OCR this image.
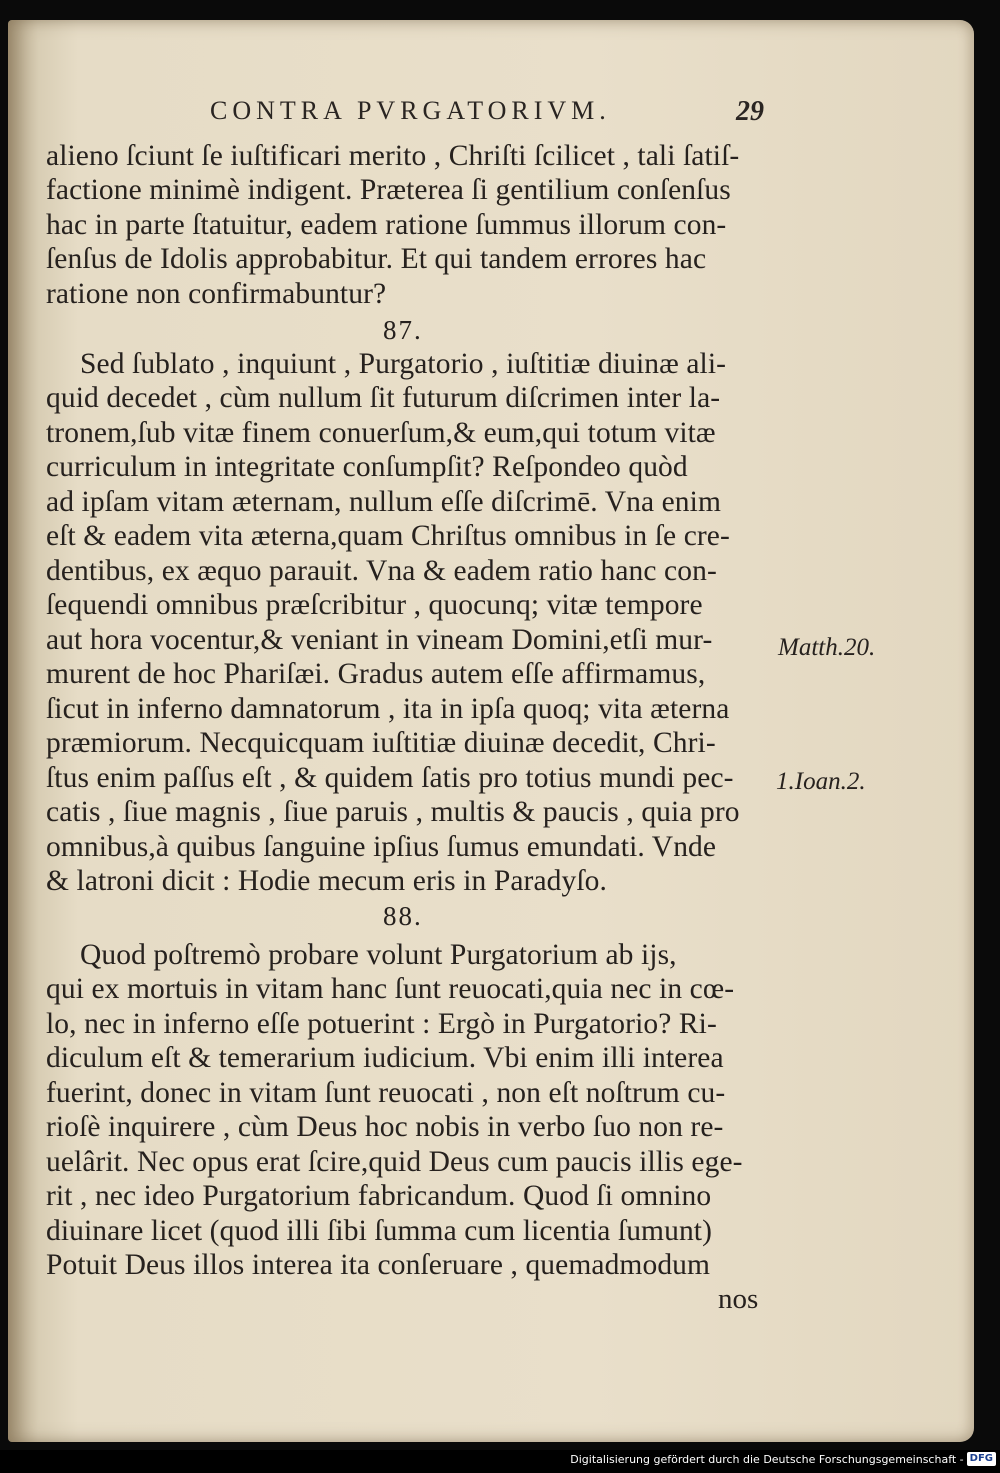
CONTRA PVRGATORIVM.	29
alieno ſciunt ſe iuſtificari merito , Chriſti ſcilicet , tali ſatiſ-
factione minimè indigent. Præterea ſi gentilium conſenſus
hac in parte ſtatuitur, eadem ratione ſummus illorum con-
ſenſus de Idolis approbabitur. Et qui tandem errores hac
ratione non confirmabuntur?
87.
Sed ſublato , inquiunt , Purgatorio , iuſtitiæ diuinæ ali-
quid decedet , cùm nullum ſit futurum diſcrimen inter la-
tronem,ſub vitæ finem conuerſum,& eum,qui totum vitæ
curriculum in integritate conſumpſit? Reſpondeo quòd
ad ipſam vitam æternam, nullum eſſe diſcrimē. Vna enim
eſt & eadem vita æterna,quam Chriſtus omnibus in ſe cre-
dentibus, ex æquo parauit. Vna & eadem ratio hanc con-
ſequendi omnibus præſcribitur , quocunq; vitæ tempore
aut hora vocentur,& veniant in vineam Domini,etſi mur-
murent de hoc Phariſæi. Gradus autem eſſe affirmamus,
ſicut in inferno damnatorum , ita in ipſa quoq; vita æterna
præmiorum. Necquicquam iuſtitiæ diuinæ decedit, Chri-
ſtus enim paſſus eſt , & quidem ſatis pro totius mundi pec-
catis , ſiue magnis , ſiue paruis , multis & paucis , quia pro
omnibus,à quibus ſanguine ipſius ſumus emundati. Vnde
& latroni dicit : Hodie mecum eris in Paradyſo.
88.
Quod poſtremò probare volunt Purgatorium ab ijs,
qui ex mortuis in vitam hanc ſunt reuocati,quia nec in cœ-
lo, nec in inferno eſſe potuerint : Ergò in Purgatorio? Ri-
diculum eſt & temerarium iudicium. Vbi enim illi interea
fuerint, donec in vitam ſunt reuocati , non eſt noſtrum cu-
rioſè inquirere , cùm Deus hoc nobis in verbo ſuo non re-
uelârit. Nec opus erat ſcire,quid Deus cum paucis illis ege-
rit , nec ideo Purgatorium fabricandum. Quod ſi omnino
diuinare licet (quod illi ſibi ſumma cum licentia ſumunt)
Potuit Deus illos interea ita conſeruare , quemadmodum
nos
Matth.20.
1.Ioan.2.
Digitalisierung gefördert durch die Deutsche Forschungsgemeinschaft - DFG
